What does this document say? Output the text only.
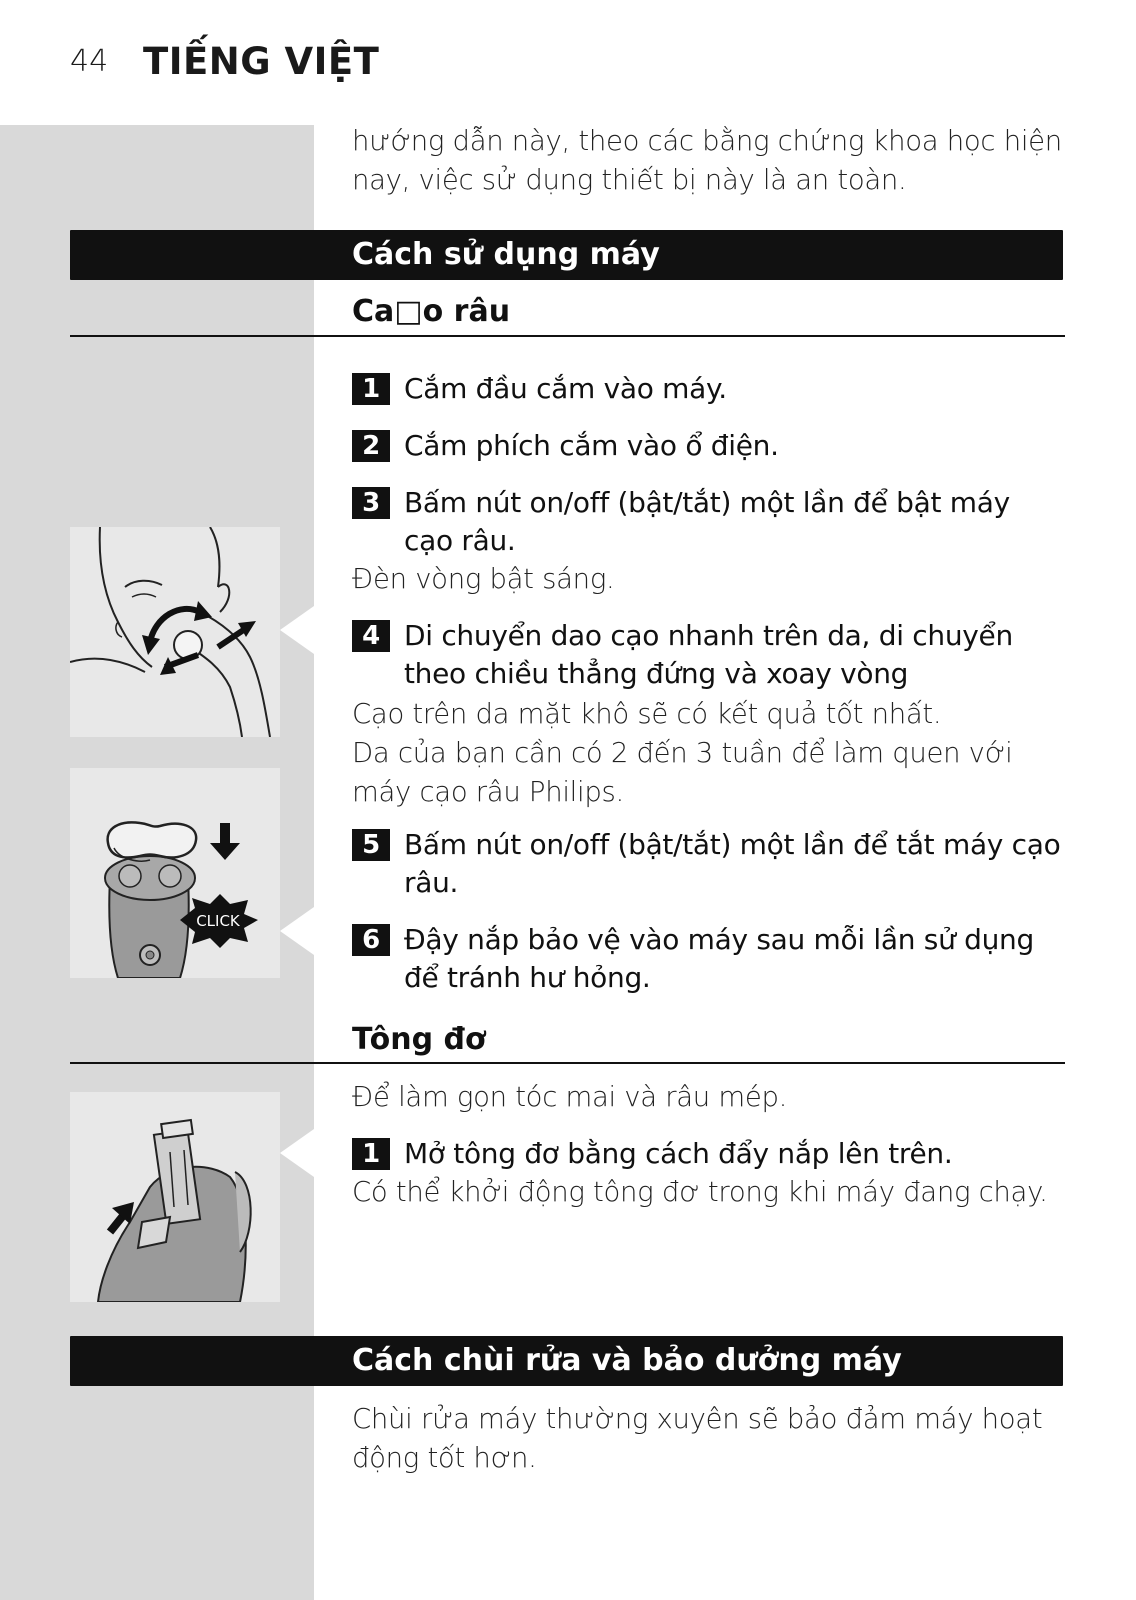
44 TIẾNG VIỆT
hướng dẫn này, theo các bằng chứng khoa học hiện
nay, việc sử dụng thiết bị này là an toàn.
Cách sử dụng máy
Ca□o râu
1 Cắm đầu cắm vào máy.
2 Cắm phích cắm vào ổ điện.
3 Bấm nút on/off (bật/tắt) một lần để bật máy
cạo râu.
Đèn vòng bật sáng.
4 Di chuyển dao cạo nhanh trên da, di chuyển
theo chiều thẳng đứng và xoay vòng
Cạo trên da mặt khô sẽ có kết quả tốt nhất.
Da của bạn cần có 2 đến 3 tuần để làm quen với
máy cạo râu Philips.
5 Bấm nút on/off (bật/tắt) một lần để tắt máy cạo
râu.
6 Đậy nắp bảo vệ vào máy sau mỗi lần sử dụng
để tránh hư hỏng.
Tông đơ
Để làm gọn tóc mai và râu mép.
1 Mở tông đơ bằng cách đẩy nắp lên trên.
Có thể khởi động tông đơ trong khi máy đang chạy.
Cách chùi rửa và bảo dưởng máy
Chùi rửa máy thường xuyên sẽ bảo đảm máy hoạt
động tốt hơn.
CLICK
